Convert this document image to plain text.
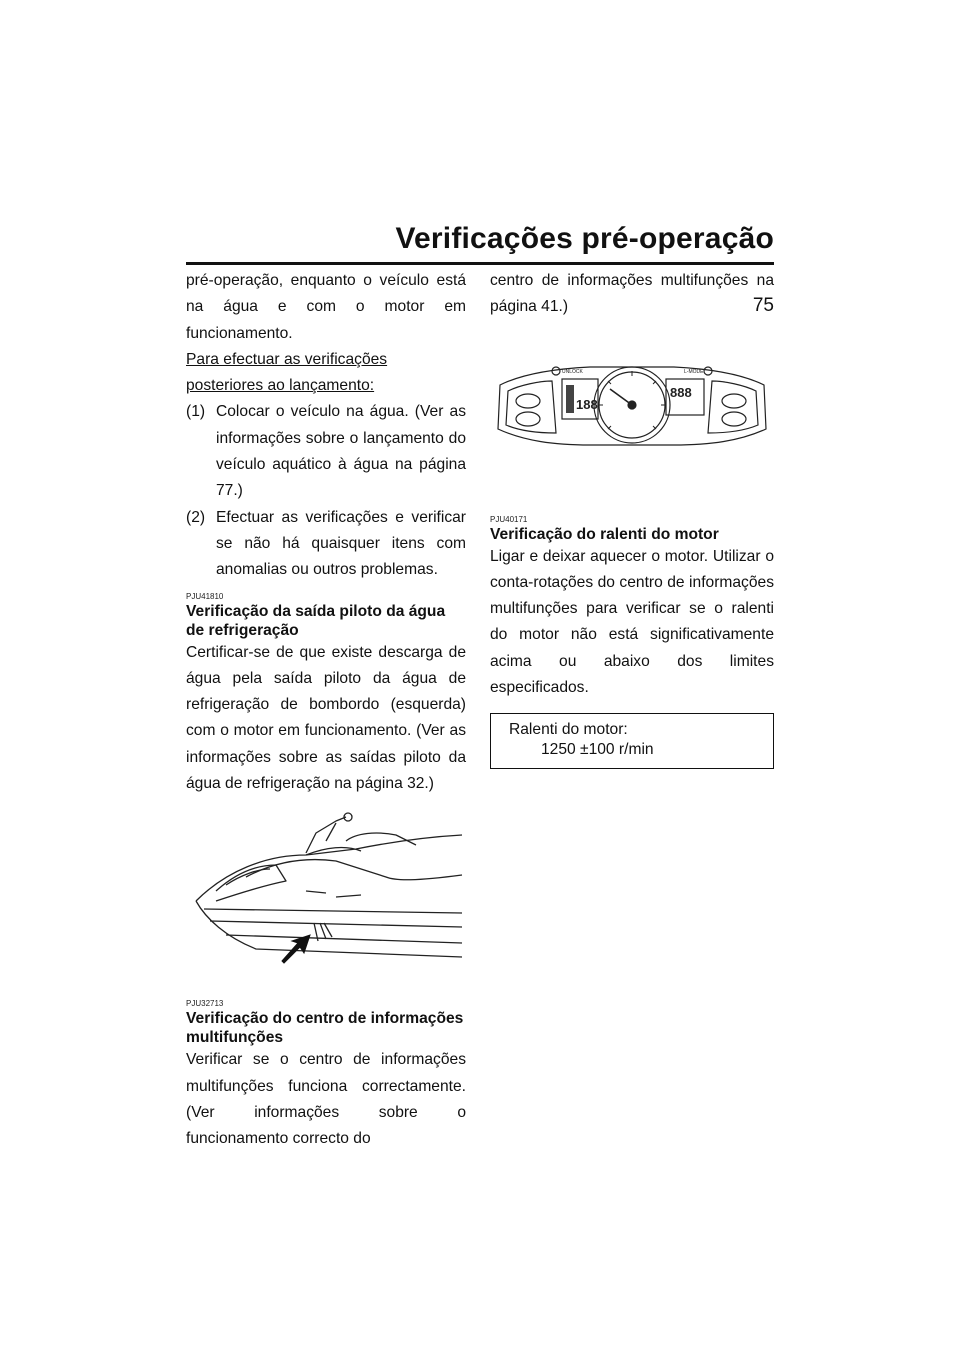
Verificações pré-operação
75

pré-operação, enquanto o veículo está na água e com o motor em funcionamento.

Para efectuar as verificações posteriores ao lançamento:

(1) Colocar o veículo na água. (Ver as informações sobre o lançamento do veículo aquático à água na página 77.)
(2) Efectuar as verificações e verificar se não há quaisquer itens com anomalias ou outros problemas.
PJU41810

Verificação da saída piloto da água de refrigeração

Certificar-se de que existe descarga de água pela saída piloto da água de refrigeração de bombordo (esquerda) com o motor em funcionamento. (Ver as informações sobre as saídas piloto da água de refrigeração na página 32.)

PJU32713

Verificação do centro de informações multifunções

Verificar se o centro de informações multifunções funciona correctamente. (Ver informações sobre o funcionamento correcto do

centro de informações multifunções na página 41.)

UNLOCK	L-MODE
188
888
PJU40171

Verificação do ralenti do motor

Ligar e deixar aquecer o motor. Utilizar o conta-rotações do centro de informações multifunções para verificar se o ralenti do motor não está significativamente acima ou abaixo dos limites especificados.

Ralenti do motor:
1250 ±100 r/min
